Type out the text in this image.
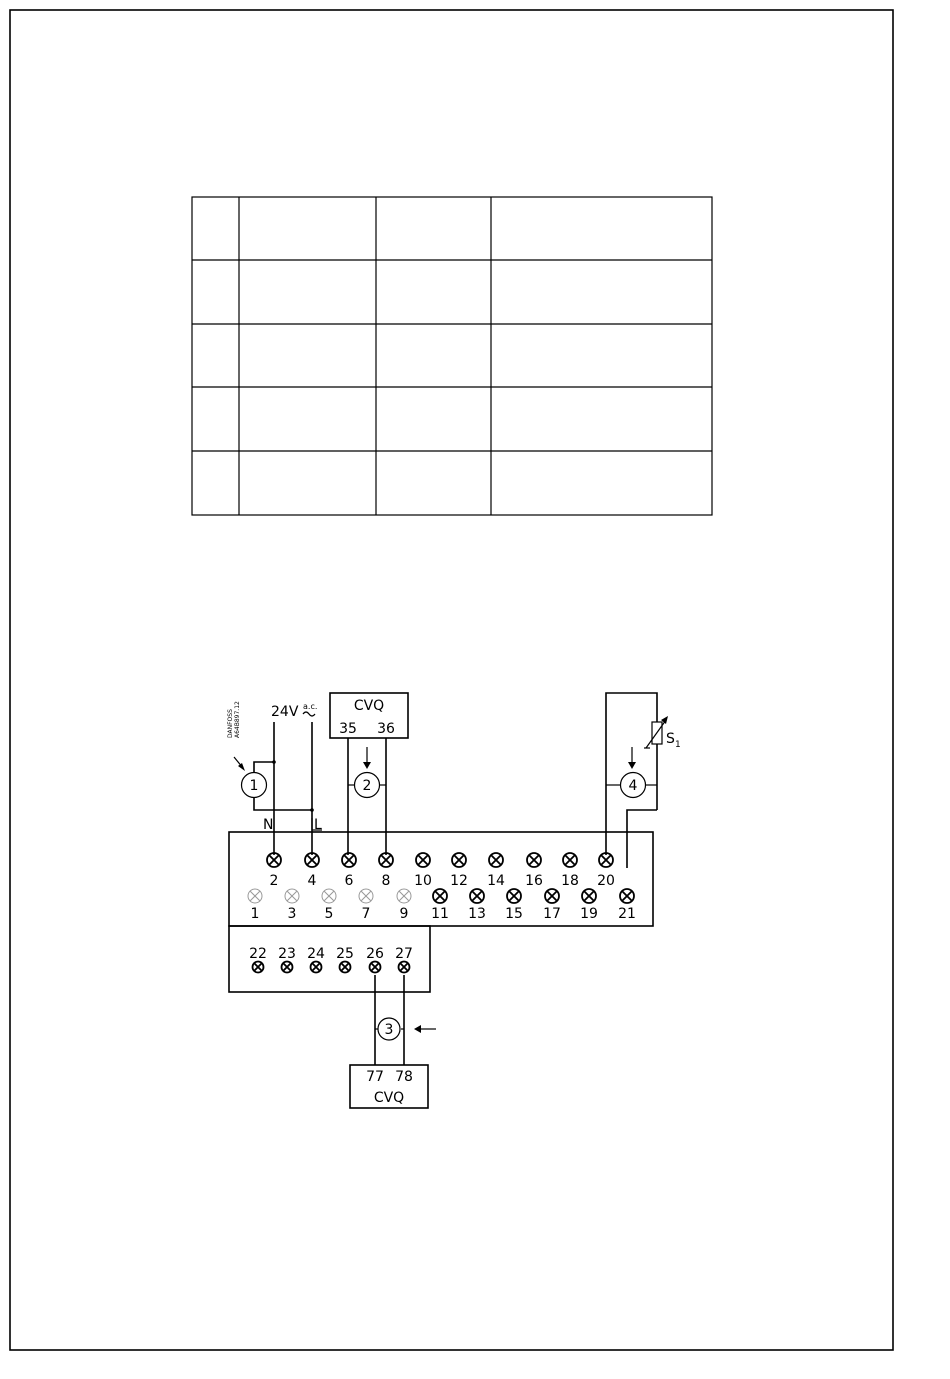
DANFOSS A64B897.12 24V a.c.
N	L
1
CVQ
35 36
2
S 1
4
2 4 6 8 10 12 14 16 18 20
1 3 5 7 9 11 13 15 17 19 21
22 23 24 25 26 27
77 78
CVQ
3
